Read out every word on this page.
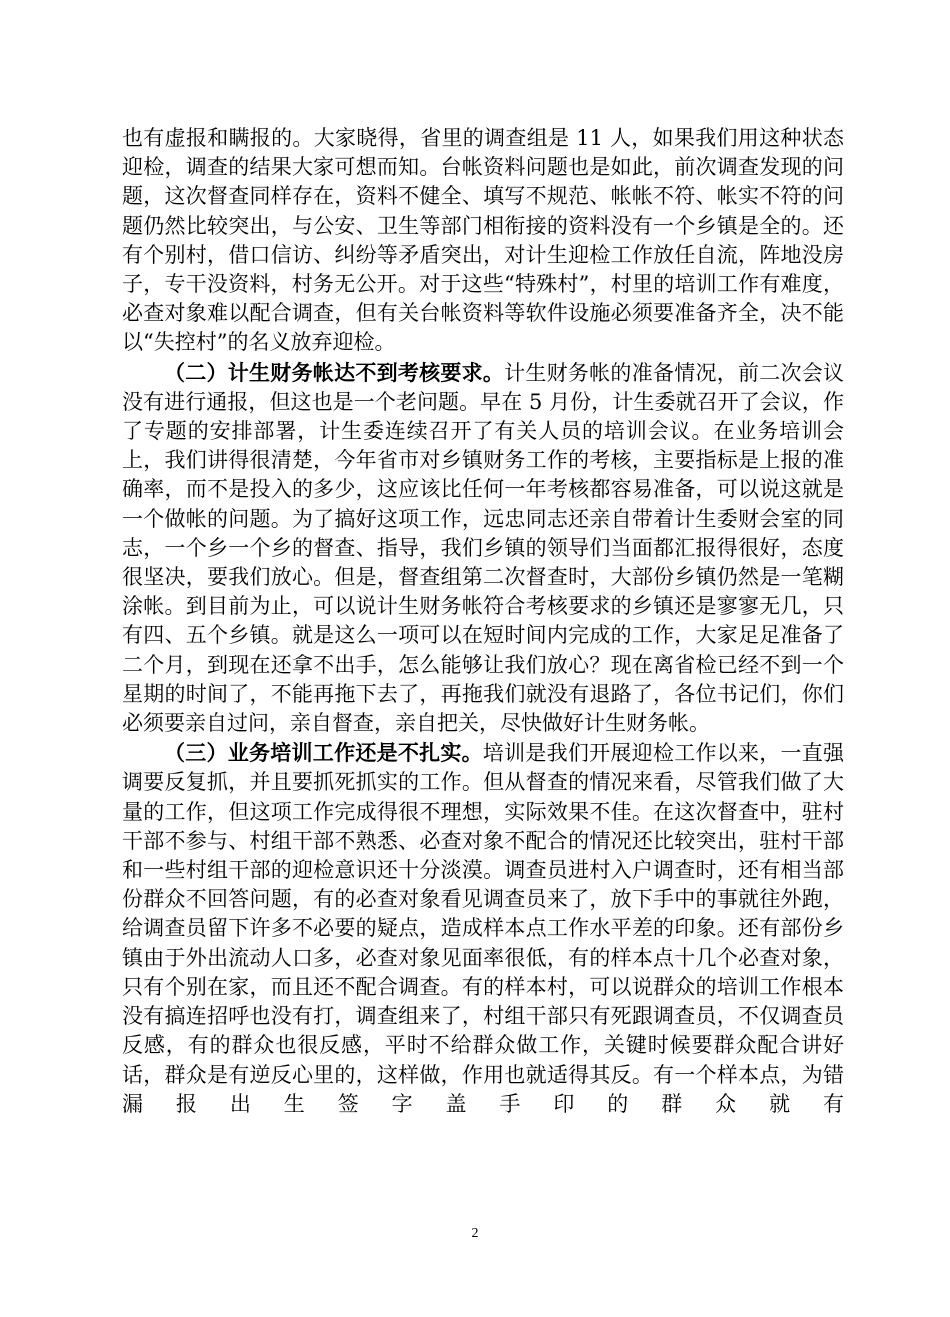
也有虚报和瞒报的。大家晓得，省里的调查组是 11 人，如果我们用这种状态迎检，调查的结果大家可想而知。台帐资料问题也是如此，前次调查发现的问题，这次督查同样存在，资料不健全、填写不规范、帐帐不符、帐实不符的问题仍然比较突出，与公安、卫生等部门相衔接的资料没有一个乡镇是全的。还有个别村，借口信访、纠纷等矛盾突出，对计生迎检工作放任自流，阵地没房子，专干没资料，村务无公开。对于这些“特殊村”，村里的培训工作有难度，必查对象难以配合调查，但有关台帐资料等软件设施必须要准备齐全，决不能以“失控村”的名义放弃迎检。

（二）计生财务帐达不到考核要求。计生财务帐的准备情况，前二次会议没有进行通报，但这也是一个老问题。早在 5 月份，计生委就召开了会议，作了专题的安排部署，计生委连续召开了有关人员的培训会议。在业务培训会上，我们讲得很清楚，今年省市对乡镇财务工作的考核，主要指标是上报的准确率，而不是投入的多少，这应该比任何一年考核都容易准备，可以说这就是一个做帐的问题。为了搞好这项工作，远忠同志还亲自带着计生委财会室的同志，一个乡一个乡的督查、指导，我们乡镇的领导们当面都汇报得很好，态度很坚决，要我们放心。但是，督查组第二次督查时，大部份乡镇仍然是一笔糊涂帐。到目前为止，可以说计生财务帐符合考核要求的乡镇还是寥寥无几，只有四、五个乡镇。就是这么一项可以在短时间内完成的工作，大家足足准备了二个月，到现在还拿不出手，怎么能够让我们放心？现在离省检已经不到一个星期的时间了，不能再拖下去了，再拖我们就没有退路了，各位书记们，你们必须要亲自过问，亲自督查，亲自把关，尽快做好计生财务帐。

（三）业务培训工作还是不扎实。培训是我们开展迎检工作以来，一直强调要反复抓，并且要抓死抓实的工作。但从督查的情况来看，尽管我们做了大量的工作，但这项工作完成得很不理想，实际效果不佳。在这次督查中，驻村干部不参与、村组干部不熟悉、必查对象不配合的情况还比较突出，驻村干部和一些村组干部的迎检意识还十分淡漠。调查员进村入户调查时，还有相当部份群众不回答问题，有的必查对象看见调查员来了，放下手中的事就往外跑，给调查员留下许多不必要的疑点，造成样本点工作水平差的印象。还有部份乡镇由于外出流动人口多，必查对象见面率很低，有的样本点十几个必查对象，只有个别在家，而且还不配合调查。有的样本村，可以说群众的培训工作根本没有搞连招呼也没有打，调查组来了，村组干部只有死跟调查员，不仅调查员反感，有的群众也很反感，平时不给群众做工作，关键时候要群众配合讲好话，群众是有逆反心里的，这样做，作用也就适得其反。有一个样本点，为错漏报出生签字盖手印的群众就有

2
